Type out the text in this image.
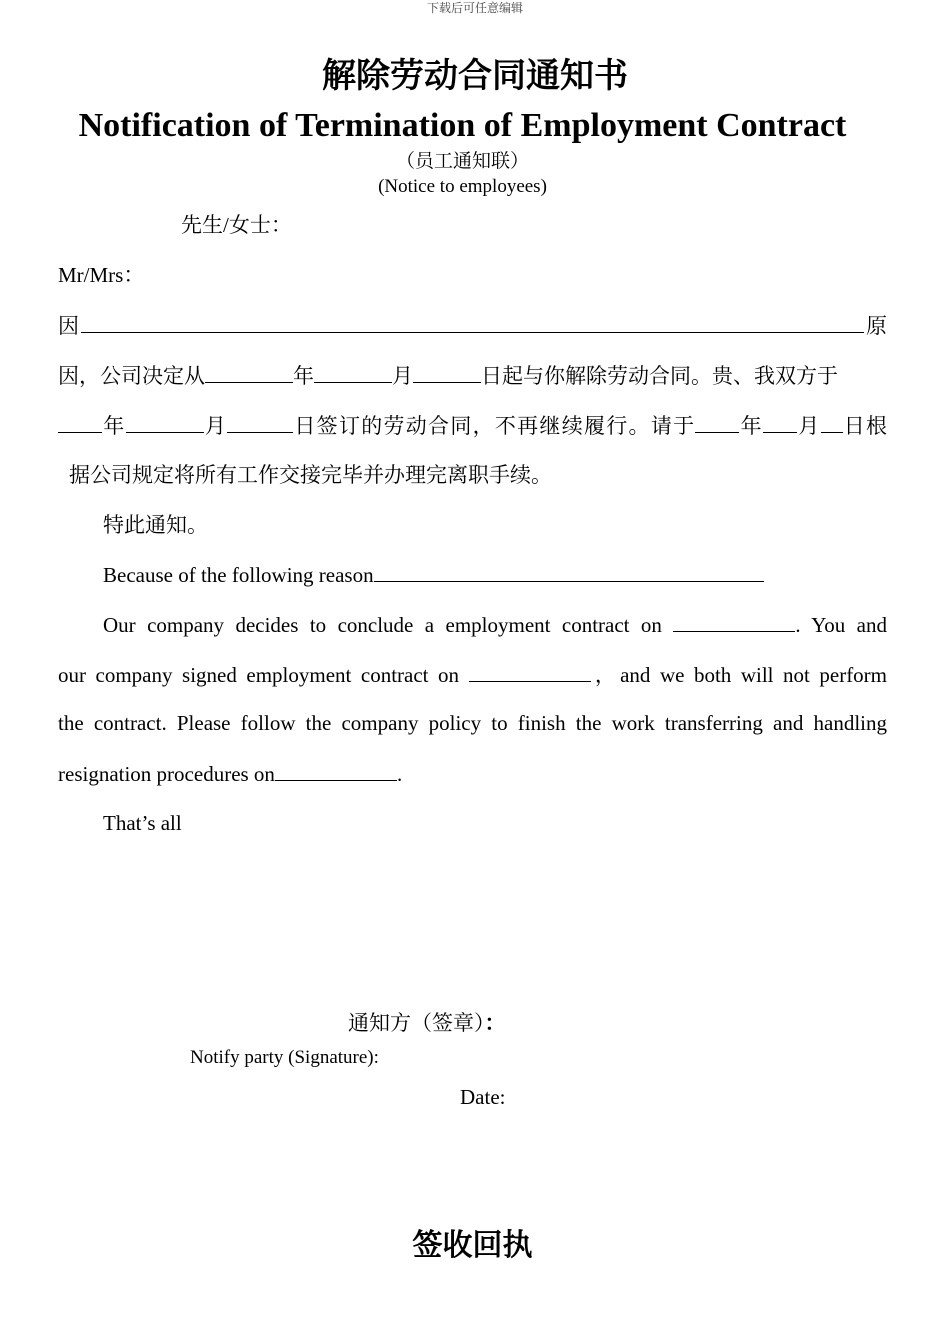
下载后可任意编辑
解除劳动合同通知书
Notification of Termination of Employment Contract
（员工通知联）
(Notice to employees)
先生/女士：
Mr/Mrs：
因	原
因，公司决定从	年	月	日起与你解除劳动合同。贵、我双方于
年	月	日签订的劳动合同，不再继续履行。请于 年 月 日根
据公司规定将所有工作交接完毕并办理完离职手续。
特此通知。
Because of the following reason
Our company decides to conclude a employment contract on	. You and
our company signed employment contract on	，and we both will not perform
the contract. Please follow the company policy to finish the work transferring and handling
resignation procedures on	.
That’s all
通知方（签章）：
Notify party (Signature):
Date:
签收回执
